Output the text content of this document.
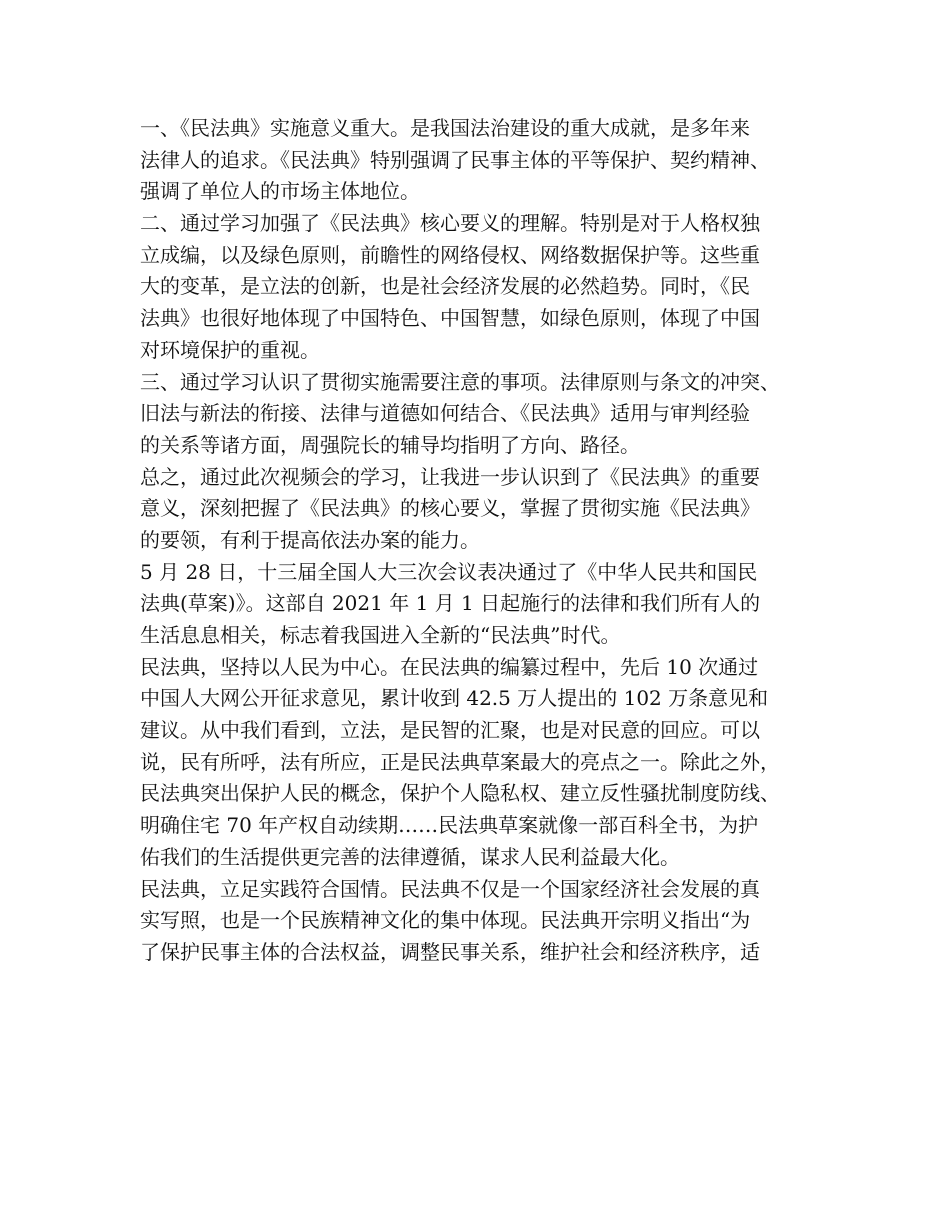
一、《民法典》实施意义重大。是我国法治建设的重大成就，是多年来
法律人的追求。《民法典》特别强调了民事主体的平等保护、契约精神、
强调了单位人的市场主体地位。
二、通过学习加强了《民法典》核心要义的理解。特别是对于人格权独
立成编，以及绿色原则，前瞻性的网络侵权、网络数据保护等。这些重
大的变革，是立法的创新，也是社会经济发展的必然趋势。同时，《民
法典》也很好地体现了中国特色、中国智慧，如绿色原则，体现了中国
对环境保护的重视。
三、通过学习认识了贯彻实施需要注意的事项。法律原则与条文的冲突、
旧法与新法的衔接、法律与道德如何结合、《民法典》适用与审判经验
的关系等诸方面，周强院长的辅导均指明了方向、路径。
总之，通过此次视频会的学习，让我进一步认识到了《民法典》的重要
意义，深刻把握了《民法典》的核心要义，掌握了贯彻实施《民法典》
的要领，有利于提高依法办案的能力。
5 月 28 日，十三届全国人大三次会议表决通过了《中华人民共和国民
法典(草案)》。这部自 2021 年 1 月 1 日起施行的法律和我们所有人的
生活息息相关，标志着我国进入全新的“民法典”时代。
民法典，坚持以人民为中心。在民法典的编纂过程中，先后 10 次通过
中国人大网公开征求意见，累计收到 42.5 万人提出的 102 万条意见和
建议。从中我们看到，立法，是民智的汇聚，也是对民意的回应。可以
说，民有所呼，法有所应，正是民法典草案最大的亮点之一。除此之外，
民法典突出保护人民的概念，保护个人隐私权、建立反性骚扰制度防线、
明确住宅 70 年产权自动续期……民法典草案就像一部百科全书，为护
佑我们的生活提供更完善的法律遵循，谋求人民利益最大化。
民法典，立足实践符合国情。民法典不仅是一个国家经济社会发展的真
实写照，也是一个民族精神文化的集中体现。民法典开宗明义指出“为
了保护民事主体的合法权益，调整民事关系，维护社会和经济秩序，适
